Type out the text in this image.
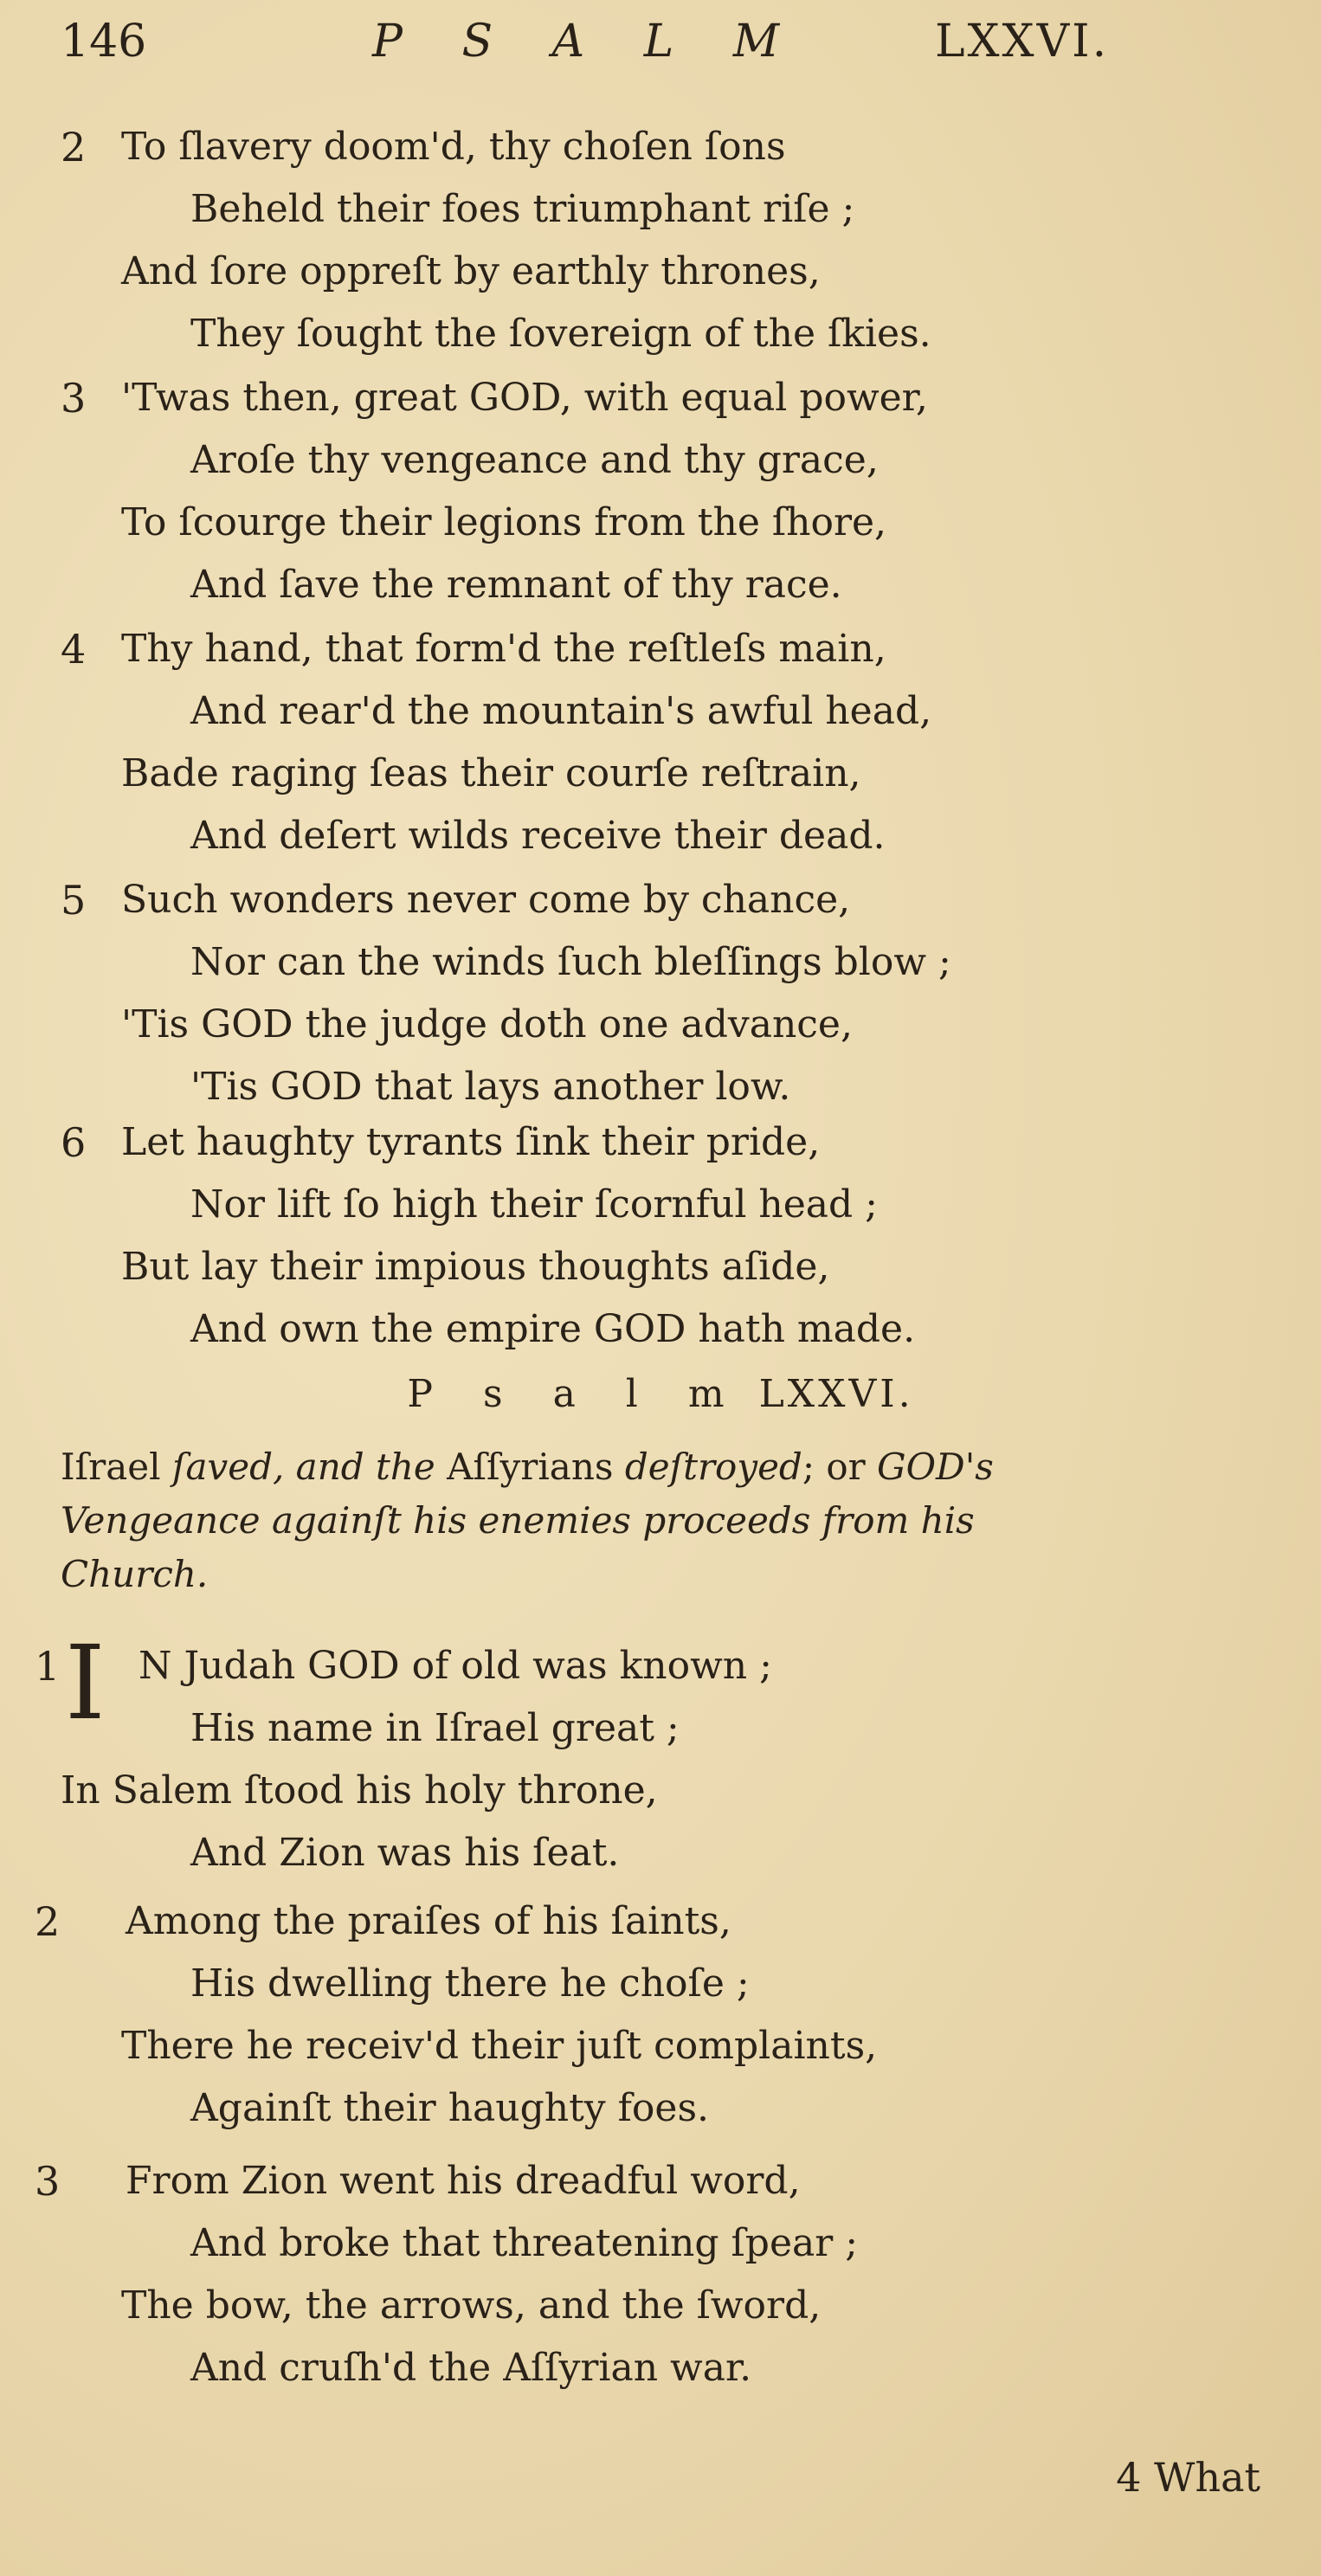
146	P S A L M	LXXVI.
2 To ſlavery doom'd, thy choſen ſons
Beheld their foes triumphant riſe ;
And ſore oppreſt by earthly thrones,
They ſought the ſovereign of the ſkies.
3 'Twas then, great GOD, with equal power,
Aroſe thy vengeance and thy grace,
To ſcourge their legions from the ſhore,
And ſave the remnant of thy race.
4 Thy hand, that form'd the reſtleſs main,
And rear'd the mountain's awful head,
Bade raging ſeas their courſe reſtrain,
And deſert wilds receive their dead.
5 Such wonders never come by chance,
Nor can the winds ſuch bleſſings blow ;
'Tis GOD the judge doth one advance,
'Tis GOD that lays another low.
6 Let haughty tyrants ſink their pride,
Nor lift ſo high their ſcornful head ;
But lay their impious thoughts aſide,
And own the empire GOD hath made.
P s a l m LXXVI.
Iſrael ſaved, and the Aſſyrians deſtroyed; or GOD's
Vengeance againſt his enemies proceeds from his
Church.
1 N Judah GOD of old was known ;
His name in Iſrael great ;
In Salem ſtood his holy throne,
And Zion was his ſeat.
I
2 Among the praiſes of his ſaints,
His dwelling there he choſe ;
There he receiv'd their juſt complaints,
Againſt their haughty foes.
3 From Zion went his dreadful word,
And broke that threatening ſpear ;
The bow, the arrows, and the ſword,
And cruſh'd the Aſſyrian war.
4 What
